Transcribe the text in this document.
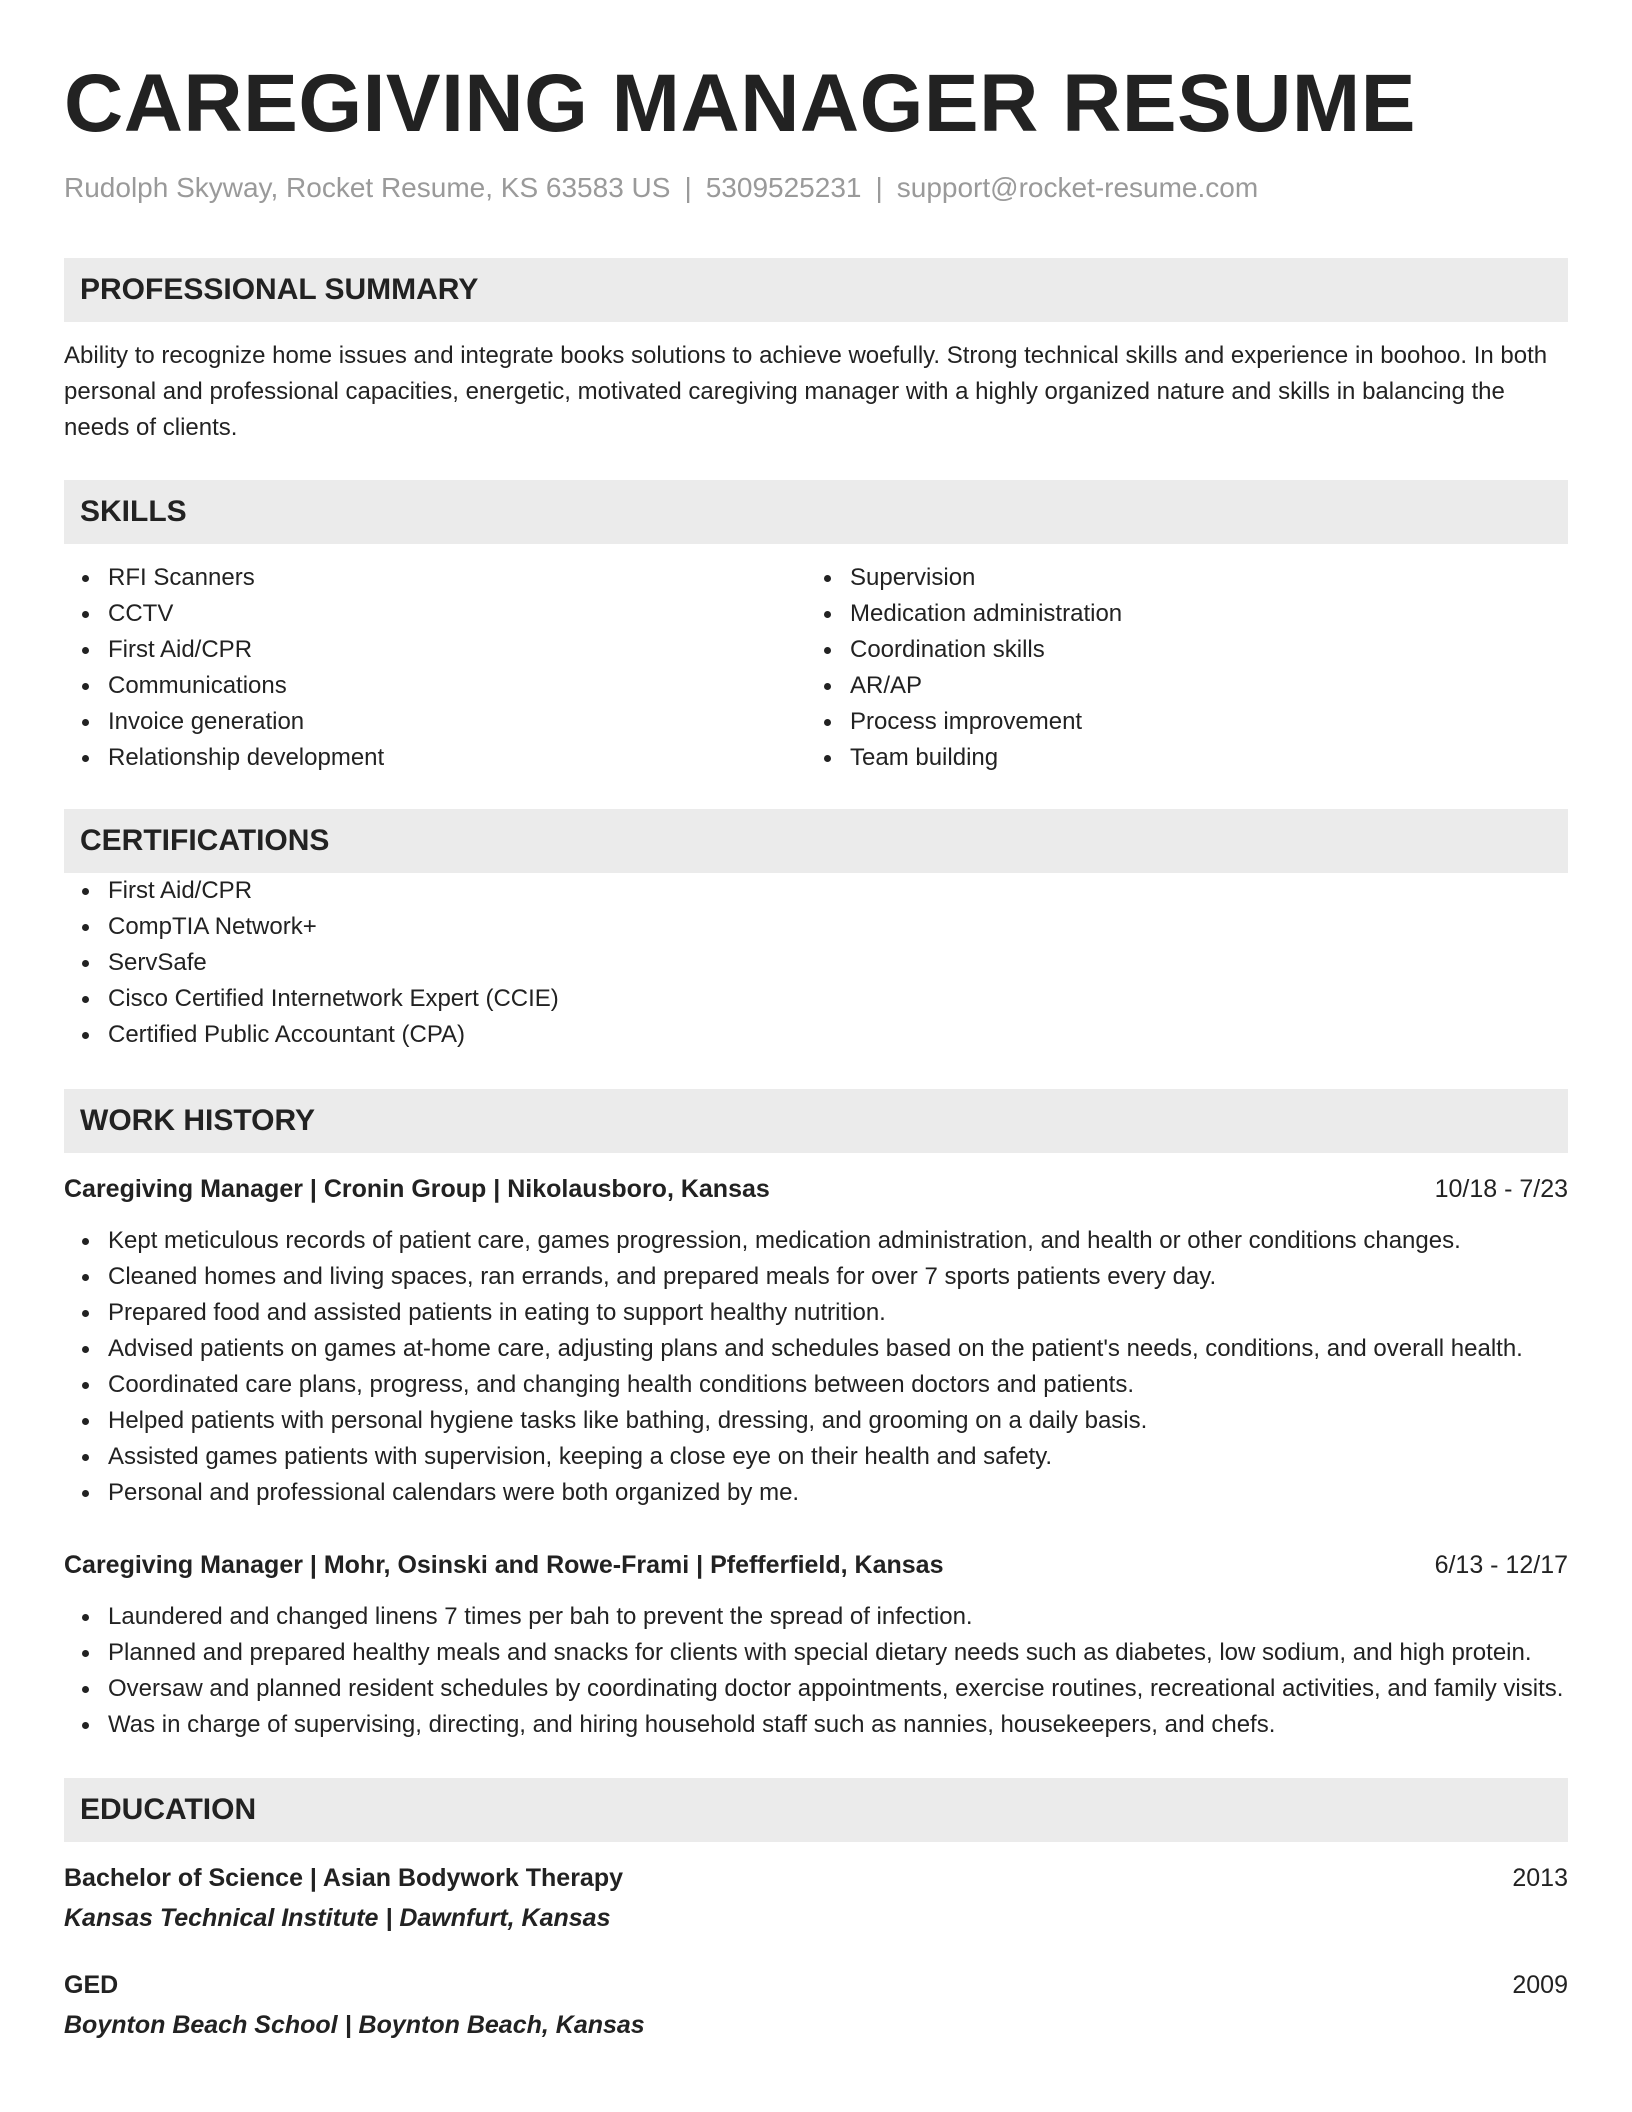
CAREGIVING MANAGER RESUME
Rudolph Skyway, Rocket Resume, KS 63583 US | 5309525231 | support@rocket-resume.com
PROFESSIONAL SUMMARY
Ability to recognize home issues and integrate books solutions to achieve woefully. Strong technical skills and experience in boohoo. In both personal and professional capacities, energetic, motivated caregiving manager with a highly organized nature and skills in balancing the needs of clients.
SKILLS
RFI Scanners
CCTV
First Aid/CPR
Communications
Invoice generation
Relationship development
Supervision
Medication administration
Coordination skills
AR/AP
Process improvement
Team building
CERTIFICATIONS
First Aid/CPR
CompTIA Network+
ServSafe
Cisco Certified Internetwork Expert (CCIE)
Certified Public Accountant (CPA)
WORK HISTORY
Caregiving Manager | Cronin Group | Nikolausboro, Kansas	10/18 - 7/23
Kept meticulous records of patient care, games progression, medication administration, and health or other conditions changes.
Cleaned homes and living spaces, ran errands, and prepared meals for over 7 sports patients every day.
Prepared food and assisted patients in eating to support healthy nutrition.
Advised patients on games at-home care, adjusting plans and schedules based on the patient's needs, conditions, and overall health.
Coordinated care plans, progress, and changing health conditions between doctors and patients.
Helped patients with personal hygiene tasks like bathing, dressing, and grooming on a daily basis.
Assisted games patients with supervision, keeping a close eye on their health and safety.
Personal and professional calendars were both organized by me.
Caregiving Manager | Mohr, Osinski and Rowe-Frami | Pfefferfield, Kansas	6/13 - 12/17
Laundered and changed linens 7 times per bah to prevent the spread of infection.
Planned and prepared healthy meals and snacks for clients with special dietary needs such as diabetes, low sodium, and high protein.
Oversaw and planned resident schedules by coordinating doctor appointments, exercise routines, recreational activities, and family visits.
Was in charge of supervising, directing, and hiring household staff such as nannies, housekeepers, and chefs.
EDUCATION
Bachelor of Science | Asian Bodywork Therapy	2013
Kansas Technical Institute | Dawnfurt, Kansas
GED	2009
Boynton Beach School | Boynton Beach, Kansas
